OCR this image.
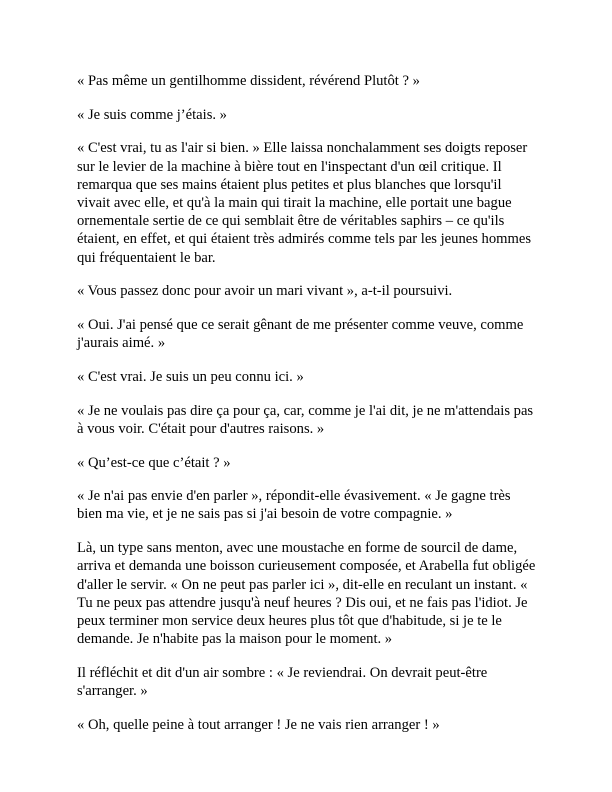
« Pas même un gentilhomme dissident, révérend Plutôt ? »

« Je suis comme j’étais. »

« C'est vrai, tu as l'air si bien. » Elle laissa nonchalamment ses doigts reposer sur le levier de la machine à bière tout en l'inspectant d'un œil critique. Il remarqua que ses mains étaient plus petites et plus blanches que lorsqu'il vivait avec elle, et qu'à la main qui tirait la machine, elle portait une bague ornementale sertie de ce qui semblait être de véritables saphirs – ce qu'ils étaient, en effet, et qui étaient très admirés comme tels par les jeunes hommes qui fréquentaient le bar.

« Vous passez donc pour avoir un mari vivant », a-t-il poursuivi.

« Oui. J'ai pensé que ce serait gênant de me présenter comme veuve, comme j'aurais aimé. »

« C'est vrai. Je suis un peu connu ici. »

« Je ne voulais pas dire ça pour ça, car, comme je l'ai dit, je ne m'attendais pas à vous voir. C'était pour d'autres raisons. »

« Qu’est-ce que c’était ? »

« Je n'ai pas envie d'en parler », répondit-elle évasivement. « Je gagne très bien ma vie, et je ne sais pas si j'ai besoin de votre compagnie. »

Là, un type sans menton, avec une moustache en forme de sourcil de dame, arriva et demanda une boisson curieusement composée, et Arabella fut obligée d'aller le servir. « On ne peut pas parler ici », dit-elle en reculant un instant. « Tu ne peux pas attendre jusqu'à neuf heures ? Dis oui, et ne fais pas l'idiot. Je peux terminer mon service deux heures plus tôt que d'habitude, si je te le demande. Je n'habite pas la maison pour le moment. »

Il réfléchit et dit d'un air sombre : « Je reviendrai. On devrait peut-être s'arranger. »

« Oh, quelle peine à tout arranger ! Je ne vais rien arranger ! »
